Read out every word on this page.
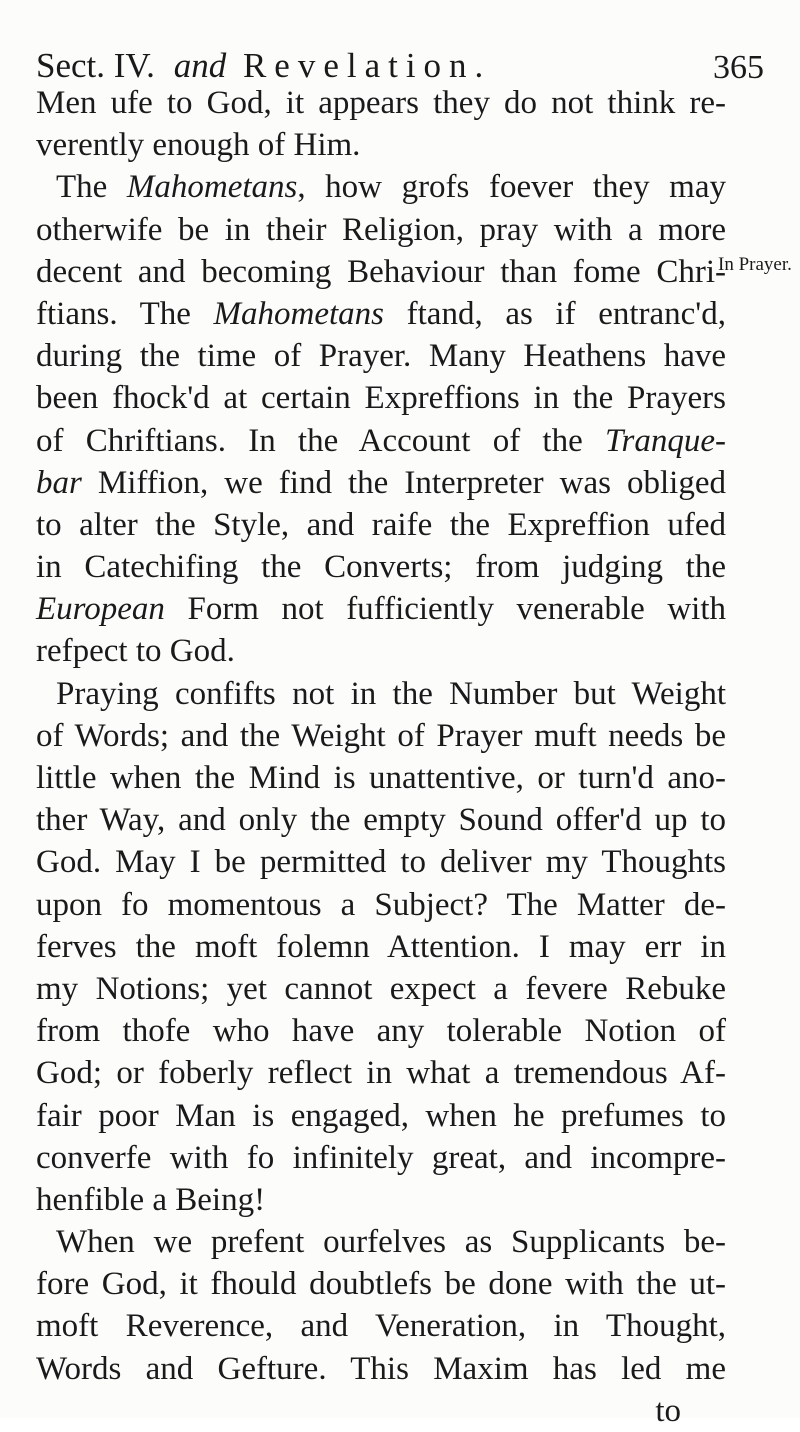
Sect. IV. and Revelation.	365
In Prayer.
Men ufe to God, it appears they do not think re-
verently enough of Him.
The Mahometans, how grofs foever they may
otherwife be in their Religion, pray with a more
decent and becoming Behaviour than fome Chri-
ftians. The Mahometans ftand, as if entranc'd,
during the time of Prayer. Many Heathens have
been fhock'd at certain Expreffions in the Prayers
of Chriftians. In the Account of the Tranque-
bar Miffion, we find the Interpreter was obliged
to alter the Style, and raife the Expreffion ufed
in Catechifing the Converts; from judging the
European Form not fufficiently venerable with
refpect to God.
Praying confifts not in the Number but Weight
of Words; and the Weight of Prayer muft needs be
little when the Mind is unattentive, or turn'd ano-
ther Way, and only the empty Sound offer'd up to
God. May I be permitted to deliver my Thoughts
upon fo momentous a Subject? The Matter de-
ferves the moft folemn Attention. I may err in
my Notions; yet cannot expect a fevere Rebuke
from thofe who have any tolerable Notion of
God; or foberly reflect in what a tremendous Af-
fair poor Man is engaged, when he prefumes to
converfe with fo infinitely great, and incompre-
henfible a Being!
When we prefent ourfelves as Supplicants be-
fore God, it fhould doubtlefs be done with the ut-
moft Reverence, and Veneration, in Thought,
Words and Gefture. This Maxim has led me
to
